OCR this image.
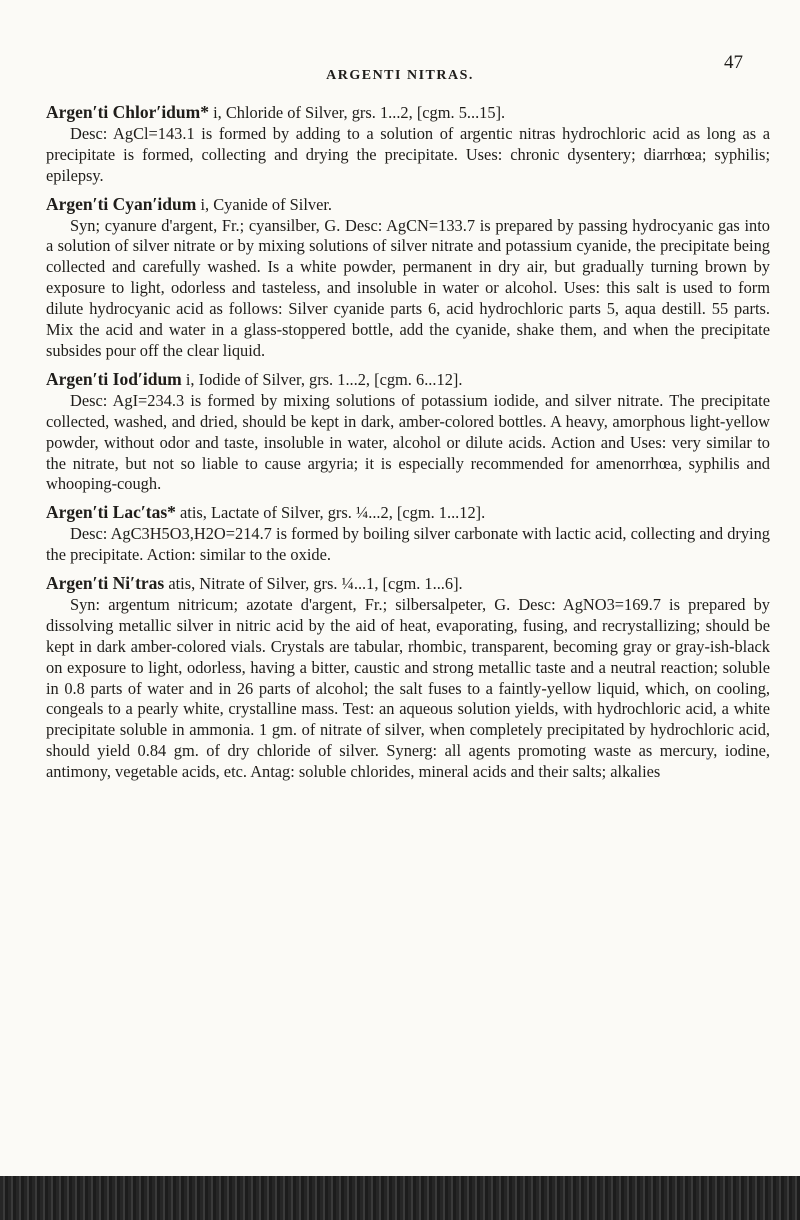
ARGENTI NITRAS.
47

Argen′ti Chlor′idum* i, Chloride of Silver, grs. 1...2, [cgm. 5...15].
Desc: AgCl=143.1 is formed by adding to a solution of argentic nitras hydrochloric acid as long as a precipitate is formed, collecting and drying the precipitate. Uses: chronic dysentery; diarrhœa; syphilis; epilepsy.

Argen′ti Cyan′idum i, Cyanide of Silver.
Syn; cyanure d'argent, Fr.; cyansilber, G. Desc: AgCN=133.7 is prepared by passing hydrocyanic gas into a solution of silver nitrate or by mixing solutions of silver nitrate and potassium cyanide, the precipitate being collected and carefully washed. Is a white powder, permanent in dry air, but gradually turning brown by exposure to light, odorless and tasteless, and insoluble in water or alcohol. Uses: this salt is used to form dilute hydrocyanic acid as follows: Silver cyanide parts 6, acid hydrochloric parts 5, aqua destill. 55 parts. Mix the acid and water in a glass-stoppered bottle, add the cyanide, shake them, and when the precipitate subsides pour off the clear liquid.

Argen′ti Iod′idum i, Iodide of Silver, grs. 1...2, [cgm. 6...12].
Desc: AgI=234.3 is formed by mixing solutions of potassium iodide, and silver nitrate. The precipitate collected, washed, and dried, should be kept in dark, amber-colored bottles. A heavy, amorphous light-yellow powder, without odor and taste, insoluble in water, alcohol or dilute acids. Action and Uses: very similar to the nitrate, but not so liable to cause argyria; it is especially recommended for amenorrhœa, syphilis and whooping-cough.

Argen′ti Lac′tas* atis, Lactate of Silver, grs. ¼...2, [cgm. 1...12].
Desc: AgC3H5O3,H2O=214.7 is formed by boiling silver carbonate with lactic acid, collecting and drying the precipitate. Action: similar to the oxide.

Argen′ti Ni′tras atis, Nitrate of Silver, grs. ¼...1, [cgm. 1...6].
Syn: argentum nitricum; azotate d'argent, Fr.; silbersalpeter, G. Desc: AgNO3=169.7 is prepared by dissolving metallic silver in nitric acid by the aid of heat, evaporating, fusing, and recrystallizing; should be kept in dark amber-colored vials. Crystals are tabular, rhombic, transparent, becoming gray or gray-ish-black on exposure to light, odorless, having a bitter, caustic and strong metallic taste and a neutral reaction; soluble in 0.8 parts of water and in 26 parts of alcohol; the salt fuses to a faintly-yellow liquid, which, on cooling, congeals to a pearly white, crystalline mass. Test: an aqueous solution yields, with hydrochloric acid, a white precipitate soluble in ammonia. 1 gm. of nitrate of silver, when completely precipitated by hydrochloric acid, should yield 0.84 gm. of dry chloride of silver. Synerg: all agents promoting waste as mercury, iodine, antimony, vegetable acids, etc. Antag: soluble chlorides, mineral acids and their salts; alkalies
